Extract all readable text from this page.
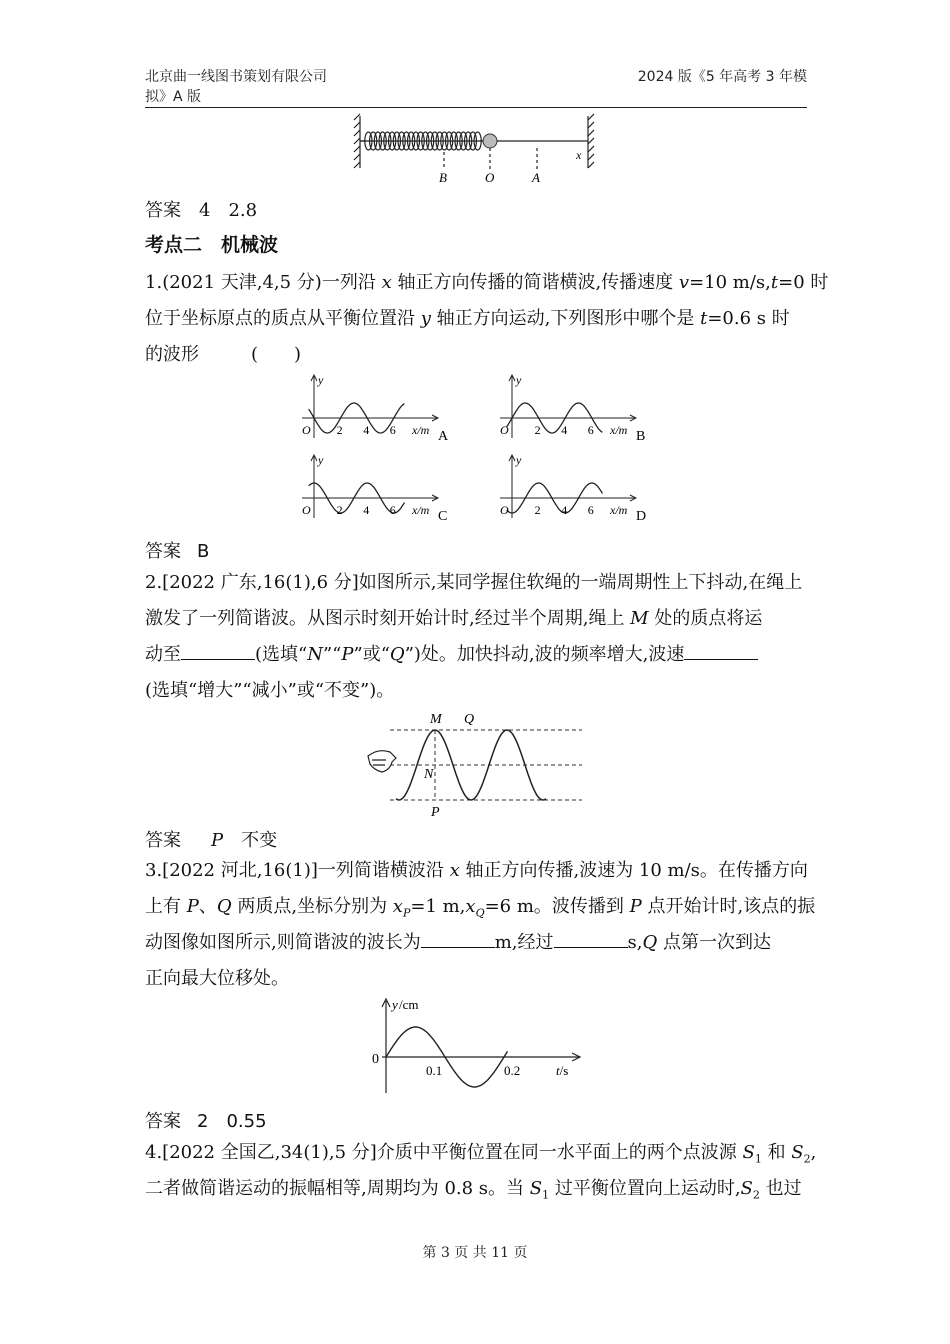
北京曲一线图书策划有限公司
拟》A 版
2024 版《5 年高考 3 年模
B	O	A
x
答案 4　2.8
考点二　机械波
1.(2021 天津,4,5 分)一列沿 x 轴正方向传播的简谐横波,传播速度 v=10 m/s,t=0 时
位于坐标原点的质点从平衡位置沿 y 轴正方向运动,下列图形中哪个是 t=0.6 s 时
的波形	(　　)
y
O 2 4 6 x/m A
y
O 2 4 6 x/m B
y
O 2 4 6 x/m C
y
O 2 4 6 x/m D
答案 B
2.[2022 广东,16(1),6 分]如图所示,某同学握住软绳的一端周期性上下抖动,在绳上
激发了一列简谐波。从图示时刻开始计时,经过半个周期,绳上 M 处的质点将运
动至	(选填“N”“P”或“Q”)处。加快抖动,波的频率增大,波速
(选填“增大”“减小”或“不变”)。
M Q
N
P
答案 P 不变
3.[2022 河北,16(1)]一列简谐横波沿 x 轴正方向传播,波速为 10 m/s。在传播方向
上有 P、Q 两质点,坐标分别为 $x_P=1$ $m,x_Q=6$ m。波传播到 P 点开始计时,该点的振
动图像如图所示,则简谐波的波长为	m,经过	s,Q 点第一次到达
正向最大位移处。
y /cm
0
0.1	0.2	t/s
答案 2　0.55
4.[2022 全国乙,34(1),5 分]介质中平衡位置在同一水平面上的两个点波源 $S_1$ 和 $S_2$,
二者做简谐运动的振幅相等,周期均为 0.8 s。当 $S_1$ 过平衡位置向上运动时$,S_2$ 也过
第 3 页 共 11 页
